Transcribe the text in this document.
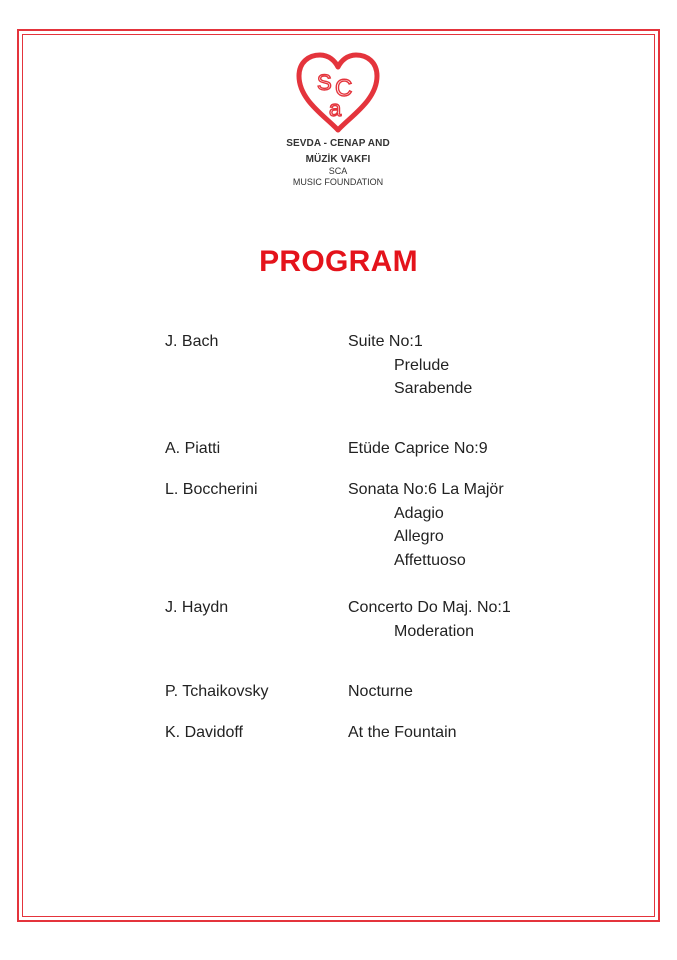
S C
a
SEVDA - CENAP AND
MÜZİK VAKFI
SCA
MUSIC FOUNDATION
PROGRAM
J. Bach	Suite No:1
Prelude
Sarabende
A. Piatti	Etüde Caprice No:9
L. Boccherini	Sonata No:6 La Majör
Adagio
Allegro
Affettuoso
J. Haydn	Concerto Do Maj. No:1
Moderation
P. Tchaikovsky	Nocturne
K. Davidoff	At the Fountain
